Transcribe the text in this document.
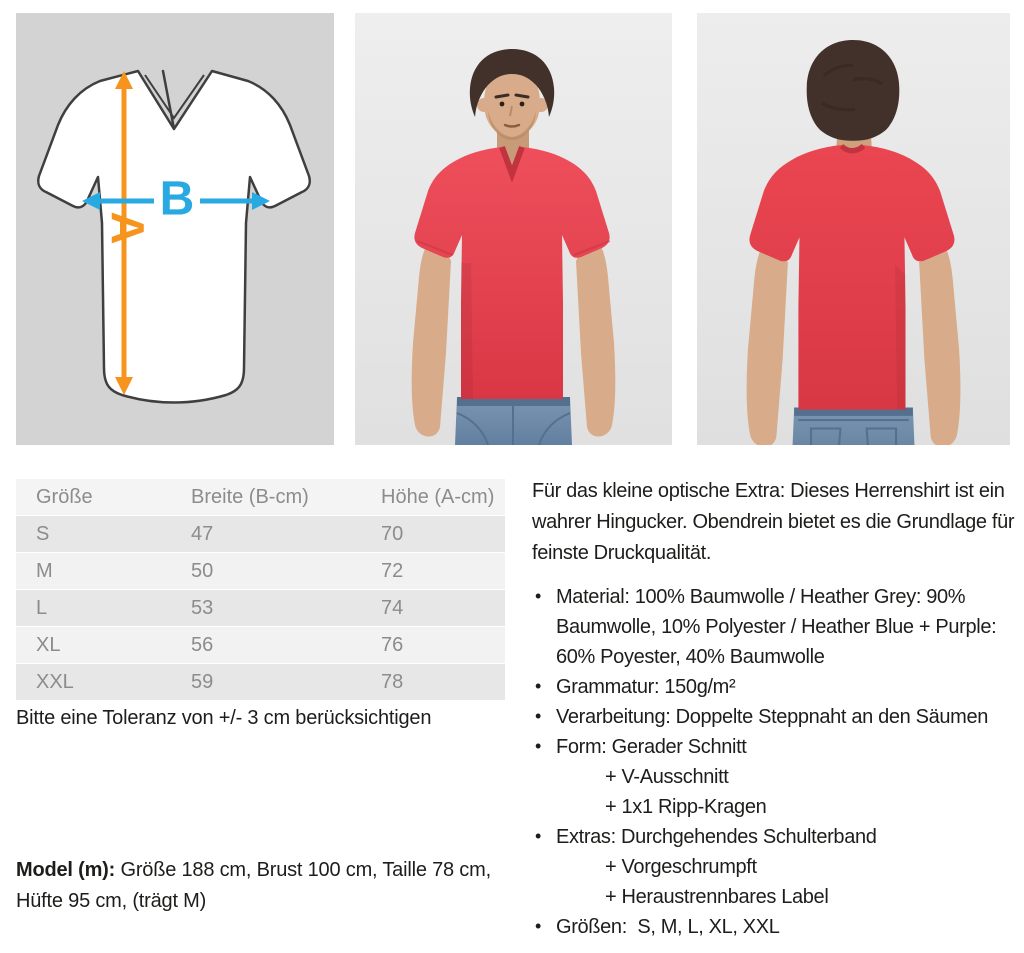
A
B
Größe	Breite (B-cm)	Höhe (A-cm)
S	47	70
M	50	72
L	53	74
XL	56	76
XXL	59	78
Bitte eine Toleranz von +/- 3 cm berücksichtigen
Model (m): Größe 188 cm, Brust 100 cm, Taille 78 cm, Hüfte 95 cm, (trägt M)

Für das kleine optische Extra: Dieses Herrenshirt ist ein wahrer Hingucker. Obendrein bietet es die Grundlage für feinste Druckqualität.

• Material: 100% Baumwolle / Heather Grey: 90% Baumwolle, 10% Polyester / Heather Blue + Purple: 60% Poyester, 40% Baumwolle
• Grammatur: 150g/m²
• Verarbeitung: Doppelte Steppnaht an den Säumen
• Form: Gerader Schnitt
+ V-Ausschnitt
+ 1x1 Ripp-Kragen
• Extras: Durchgehendes Schulterband
+ Vorgeschrumpft
+ Heraustrennbares Label
• Größen:  S, M, L, XL, XXL
